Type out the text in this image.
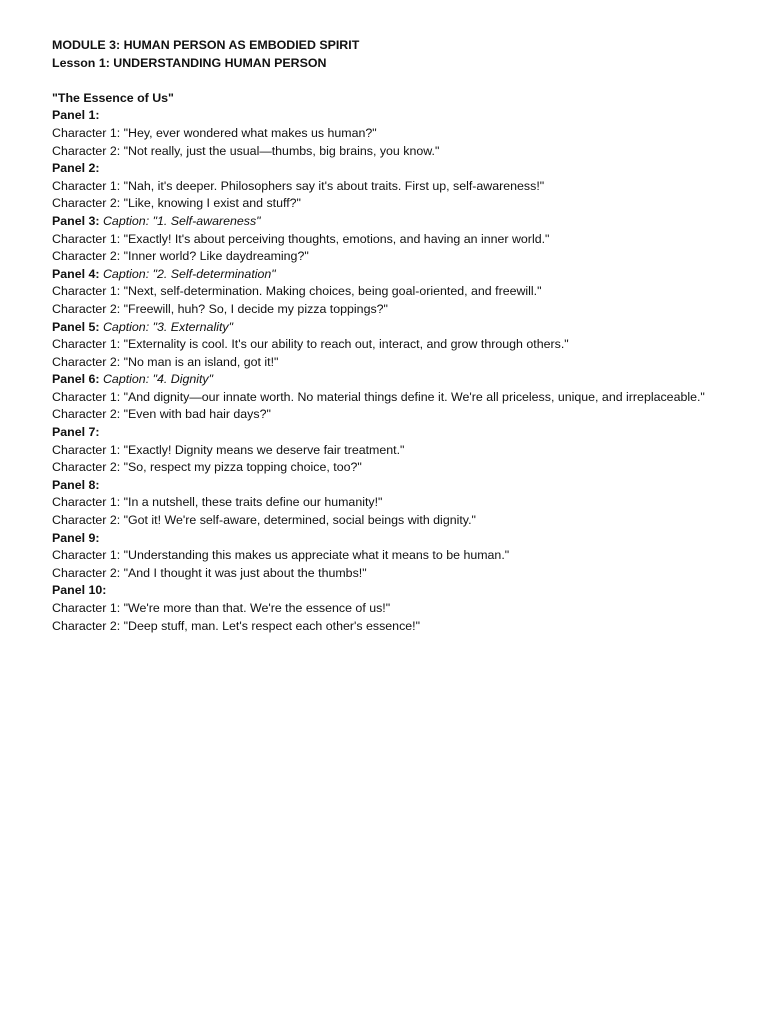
MODULE 3: HUMAN PERSON AS EMBODIED SPIRIT
Lesson 1: UNDERSTANDING HUMAN PERSON
"The Essence of Us"
Panel 1:
Character 1: "Hey, ever wondered what makes us human?"
Character 2: "Not really, just the usual—thumbs, big brains, you know."
Panel 2:
Character 1: "Nah, it's deeper. Philosophers say it's about traits. First up, self-awareness!"
Character 2: "Like, knowing I exist and stuff?"
Panel 3: Caption: "1. Self-awareness"
Character 1: "Exactly! It's about perceiving thoughts, emotions, and having an inner world."
Character 2: "Inner world? Like daydreaming?"
Panel 4: Caption: "2. Self-determination"
Character 1: "Next, self-determination. Making choices, being goal-oriented, and freewill."
Character 2: "Freewill, huh? So, I decide my pizza toppings?"
Panel 5: Caption: "3. Externality"
Character 1: "Externality is cool. It's our ability to reach out, interact, and grow through others."
Character 2: "No man is an island, got it!"
Panel 6: Caption: "4. Dignity"
Character 1: "And dignity—our innate worth. No material things define it. We're all priceless, unique, and irreplaceable."
Character 2: "Even with bad hair days?"
Panel 7:
Character 1: "Exactly! Dignity means we deserve fair treatment."
Character 2: "So, respect my pizza topping choice, too?"
Panel 8:
Character 1: "In a nutshell, these traits define our humanity!"
Character 2: "Got it! We're self-aware, determined, social beings with dignity."
Panel 9:
Character 1: "Understanding this makes us appreciate what it means to be human."
Character 2: "And I thought it was just about the thumbs!"
Panel 10:
Character 1: "We're more than that. We're the essence of us!"
Character 2: "Deep stuff, man. Let's respect each other's essence!"
